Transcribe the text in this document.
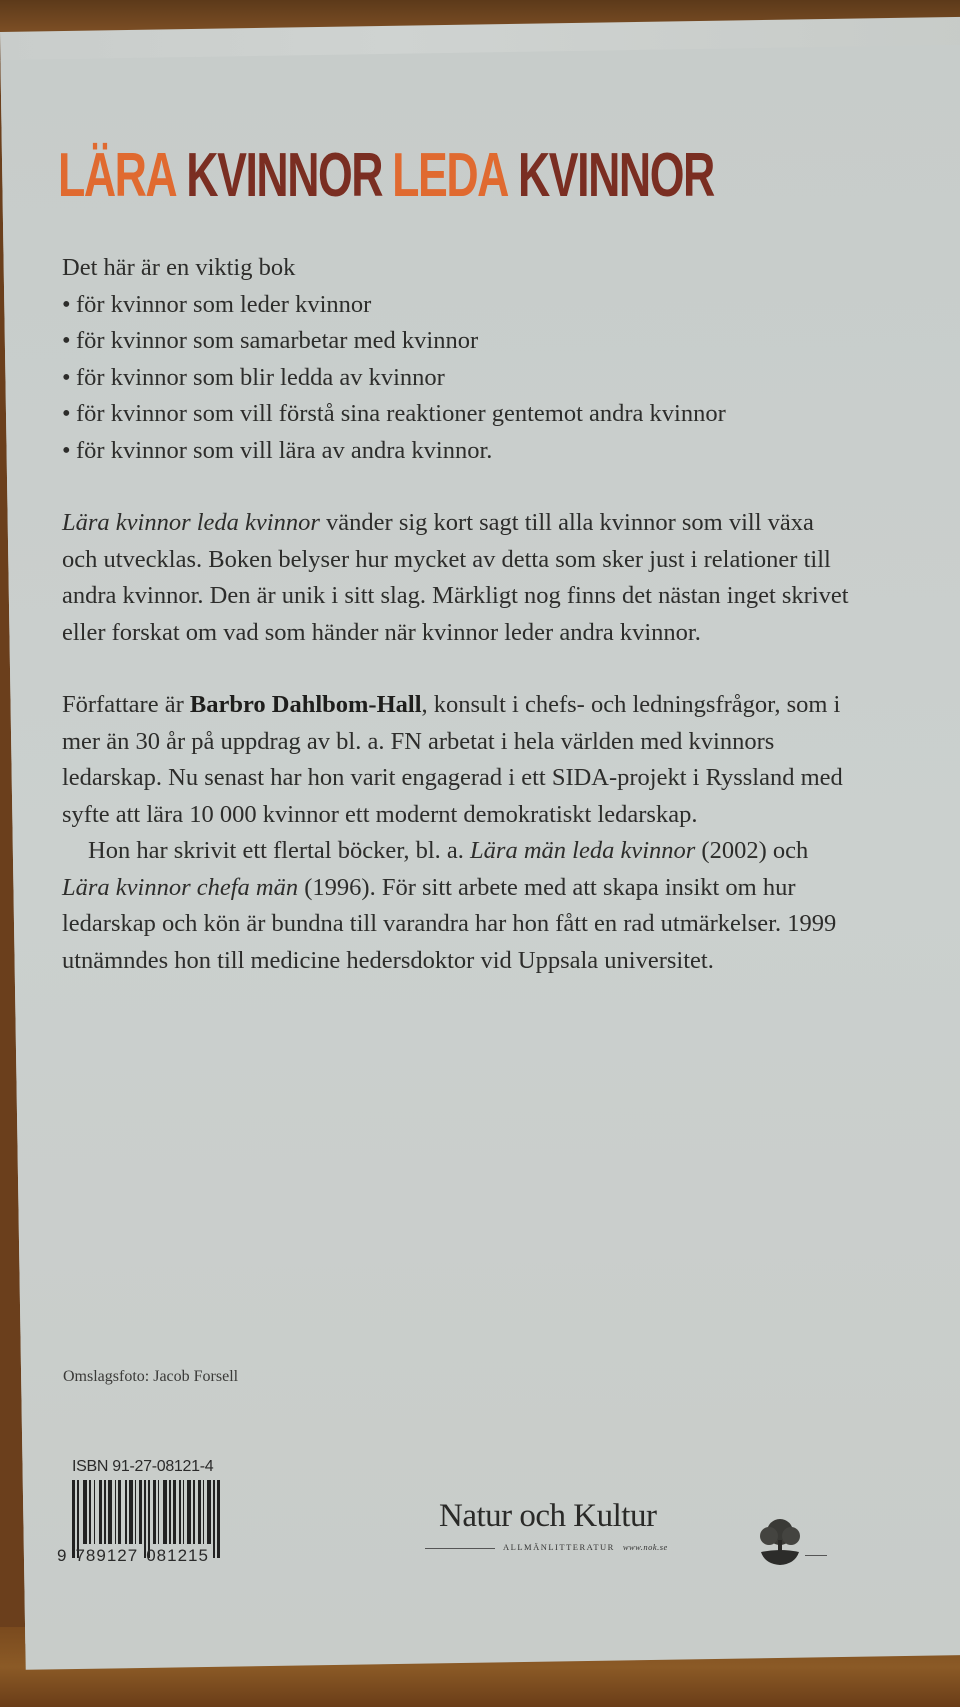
LÄRA KVINNOR LEDA KVINNOR

Det här är en viktig bok

• för kvinnor som leder kvinnor
• för kvinnor som samarbetar med kvinnor
• för kvinnor som blir ledda av kvinnor
• för kvinnor som vill förstå sina reaktioner gentemot andra kvinnor
• för kvinnor som vill lära av andra kvinnor.

Lära kvinnor leda kvinnor vänder sig kort sagt till alla kvinnor som vill växa och utvecklas. Boken belyser hur mycket av detta som sker just i relationer till andra kvinnor. Den är unik i sitt slag. Märkligt nog finns det nästan inget skrivet eller forskat om vad som händer när kvinnor leder andra kvinnor.

Författare är Barbro Dahlbom-Hall, konsult i chefs- och ledningsfrågor, som i mer än 30 år på uppdrag av bl. a. FN arbetat i hela världen med kvinnors ledarskap. Nu senast har hon varit engagerad i ett SIDA-projekt i Ryssland med syfte att lära 10 000 kvinnor ett modernt demokratiskt ledarskap.

Hon har skrivit ett flertal böcker, bl. a. Lära män leda kvinnor (2002) och Lära kvinnor chefa män (1996). För sitt arbete med att skapa insikt om hur ledarskap och kön är bundna till varandra har hon fått en rad utmärkelser. 1999 utnämndes hon till medicine hedersdoktor vid Uppsala universitet.

Omslagsfoto: Jacob Forsell
ISBN 91-27-08121-4
9 789127 081215
Natur och Kultur
ALLMÄNLITTERATUR www.nok.se
